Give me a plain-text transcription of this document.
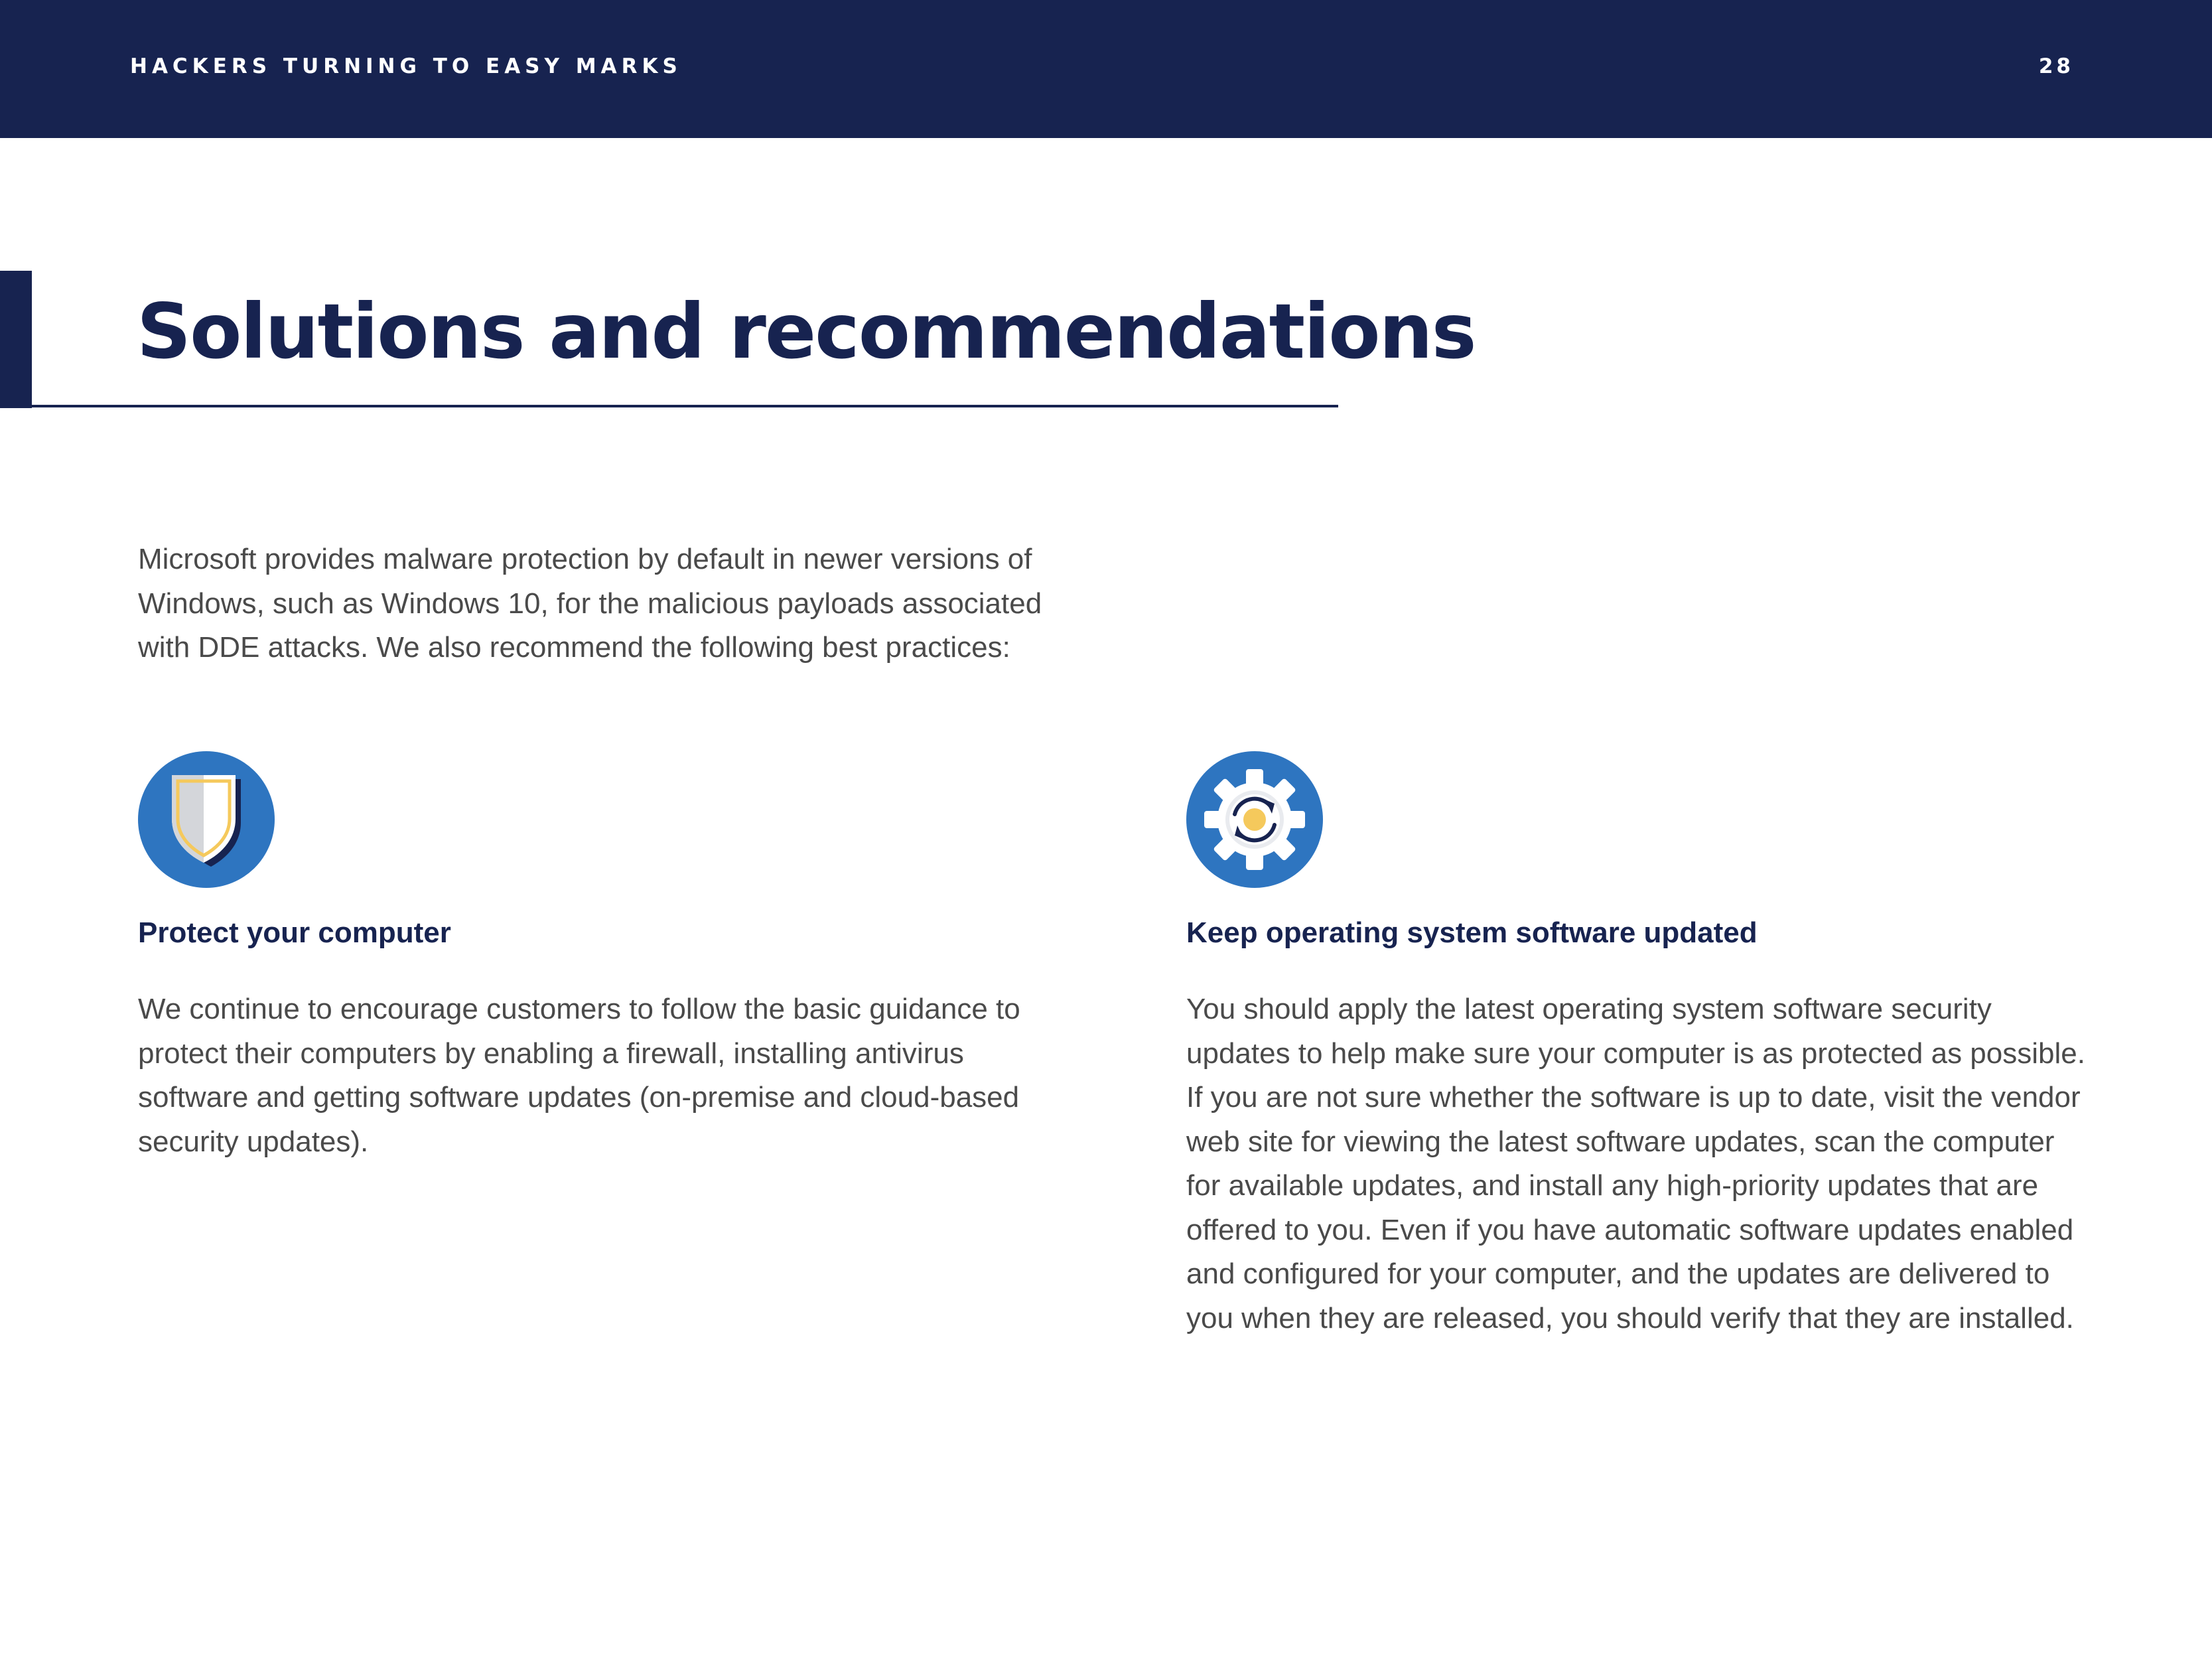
HACKERS TURNING TO EASY MARKS	28
Solutions and recommendations

Microsoft provides malware protection by default in newer versions of Windows, such as Windows 10, for the malicious payloads associated with DDE attacks. We also recommend the following best practices:

Protect your computer

We continue to encourage customers to follow the basic guidance to protect their computers by enabling a firewall, installing antivirus software and getting software updates (on-premise and cloud-based security updates).

Keep operating system software updated

You should apply the latest operating system software security updates to help make sure your computer is as protected as possible. If you are not sure whether the software is up to date, visit the vendor web site for viewing the latest software updates, scan the computer for available updates, and install any high-priority updates that are offered to you. Even if you have automatic software updates enabled and configured for your computer, and the updates are delivered to you when they are released, you should verify that they are installed.
